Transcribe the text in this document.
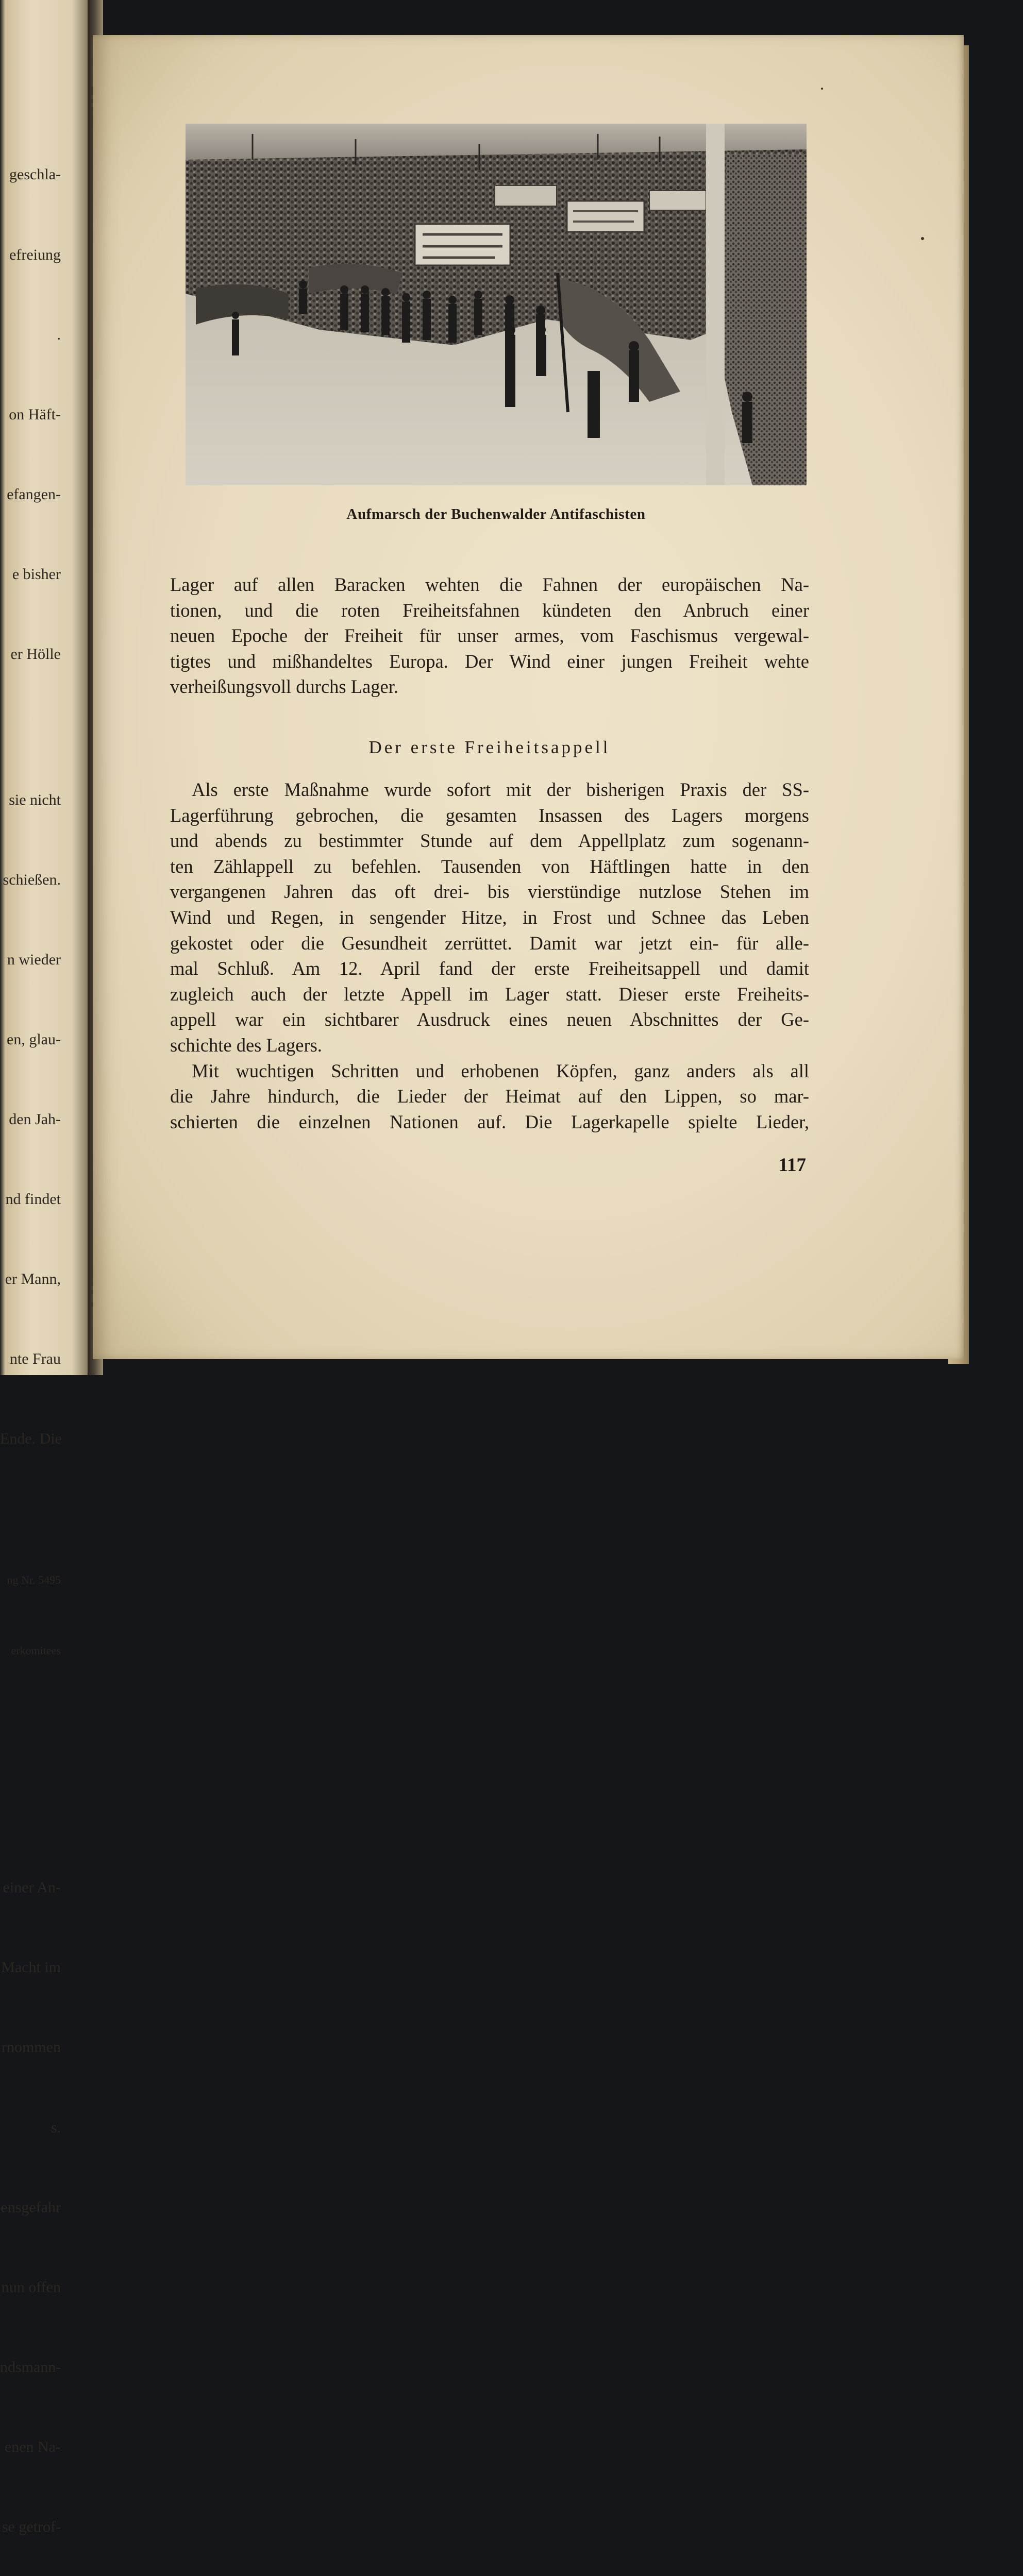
geschla-

efreiung

.

on Häft-

efangen-

e bisher

er Hölle

sie nicht

schießen.

n wieder

en, glau-

den Jah-

nd findet

er Mann,

nte Frau

Ende. Die

ng Nr. 5495

erkomitees

einer An-

Macht im

rnommen

s.

ensgefahr

nun offen

ndsmann-

enen Na-

se getrof-

Aufmarsch der Buchenwalder Antifaschisten
Lager auf allen Baracken wehten die Fahnen der europäischen Na-
tionen, und die roten Freiheitsfahnen kündeten den Anbruch einer
neuen Epoche der Freiheit für unser armes, vom Faschismus vergewal-
tigtes und mißhandeltes Europa. Der Wind einer jungen Freiheit wehte
verheißungsvoll durchs Lager.
Der erste Freiheitsappell
Als erste Maßnahme wurde sofort mit der bisherigen Praxis der SS-
Lagerführung gebrochen, die gesamten Insassen des Lagers morgens
und abends zu bestimmter Stunde auf dem Appellplatz zum sogenann-
ten Zählappell zu befehlen. Tausenden von Häftlingen hatte in den
vergangenen Jahren das oft drei- bis vierstündige nutzlose Stehen im
Wind und Regen, in sengender Hitze, in Frost und Schnee das Leben
gekostet oder die Gesundheit zerrüttet. Damit war jetzt ein- für alle-
mal Schluß. Am 12. April fand der erste Freiheitsappell und damit
zugleich auch der letzte Appell im Lager statt. Dieser erste Freiheits-
appell war ein sichtbarer Ausdruck eines neuen Abschnittes der Ge-
schichte des Lagers.
Mit wuchtigen Schritten und erhobenen Köpfen, ganz anders als all
die Jahre hindurch, die Lieder der Heimat auf den Lippen, so mar-
schierten die einzelnen Nationen auf. Die Lagerkapelle spielte Lieder,
117
